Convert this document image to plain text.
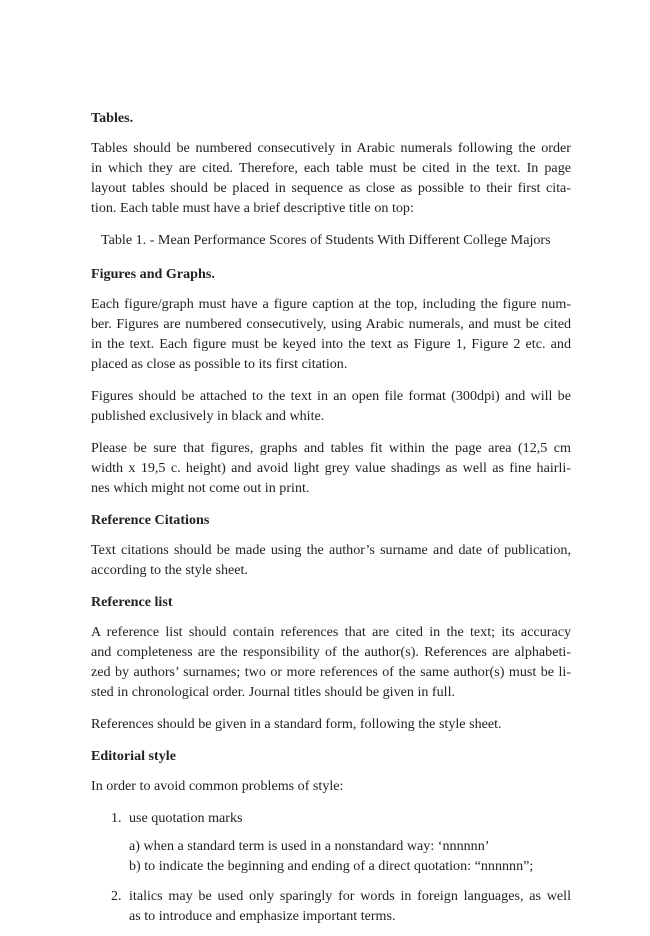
Tables.
Tables should be numbered consecutively in Arabic numerals following the order
in which they are cited. Therefore, each table must be cited in the text. In page
layout tables should be placed in sequence as close as possible to their first cita-
tion. Each table must have a brief descriptive title on top:
Table 1. - Mean Performance Scores of Students With Different College Majors
Figures and Graphs.
Each figure/graph must have a figure caption at the top, including the figure num-
ber. Figures are numbered consecutively, using Arabic numerals, and must be cited
in the text. Each figure must be keyed into the text as Figure 1, Figure 2 etc. and
placed as close as possible to its first citation.
Figures should be attached to the text in an open file format (300dpi) and will be
published exclusively in black and white.
Please be sure that figures, graphs and tables fit within the page area (12,5 cm
width x 19,5 c. height) and avoid light grey value shadings as well as fine hairli-
nes which might not come out in print.
Reference Citations
Text citations should be made using the author’s surname and date of publication,
according to the style sheet.
Reference list
A reference list should contain references that are cited in the text; its accuracy
and completeness are the responsibility of the author(s). References are alphabeti-
zed by authors’ surnames; two or more references of the same author(s) must be li-
sted in chronological order. Journal titles should be given in full.
References should be given in a standard form, following the style sheet.
Editorial style
In order to avoid common problems of style:
1. use quotation marks
a) when a standard term is used in a nonstandard way: ‘nnnnnn’
b) to indicate the beginning and ending of a direct quotation: “nnnnnn”;
2. italics may be used only sparingly for words in foreign languages, as well
as to introduce and emphasize important terms.
